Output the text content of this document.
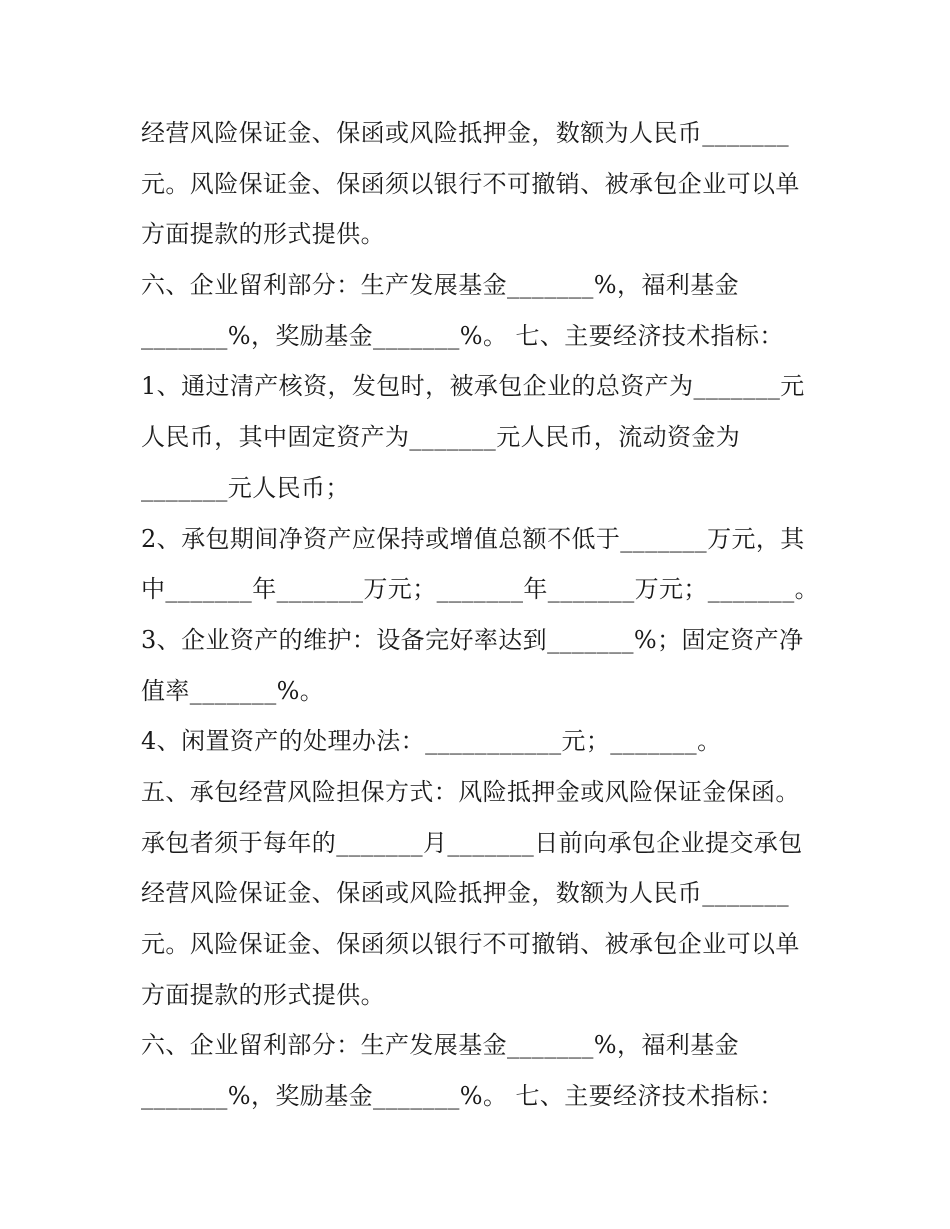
经营风险保证金、保函或风险抵押金，数额为人民币_______
元。风险保证金、保函须以银行不可撤销、被承包企业可以单
方面提款的形式提供。
六、企业留利部分：生产发展基金_______%，福利基金
_______%，奖励基金_______%。 七、主要经济技术指标：
1、通过清产核资，发包时，被承包企业的总资产为_______元
人民币，其中固定资产为_______元人民币，流动资金为
_______元人民币；
2、承包期间净资产应保持或增值总额不低于_______万元，其
中_______年_______万元；_______年_______万元；_______。
3、企业资产的维护：设备完好率达到_______%；固定资产净
值率_______%。
4、闲置资产的处理办法：___________元；_______。
五、承包经营风险担保方式：风险抵押金或风险保证金保函。
承包者须于每年的_______月_______日前向承包企业提交承包
经营风险保证金、保函或风险抵押金，数额为人民币_______
元。风险保证金、保函须以银行不可撤销、被承包企业可以单
方面提款的形式提供。
六、企业留利部分：生产发展基金_______%，福利基金
_______%，奖励基金_______%。 七、主要经济技术指标：
